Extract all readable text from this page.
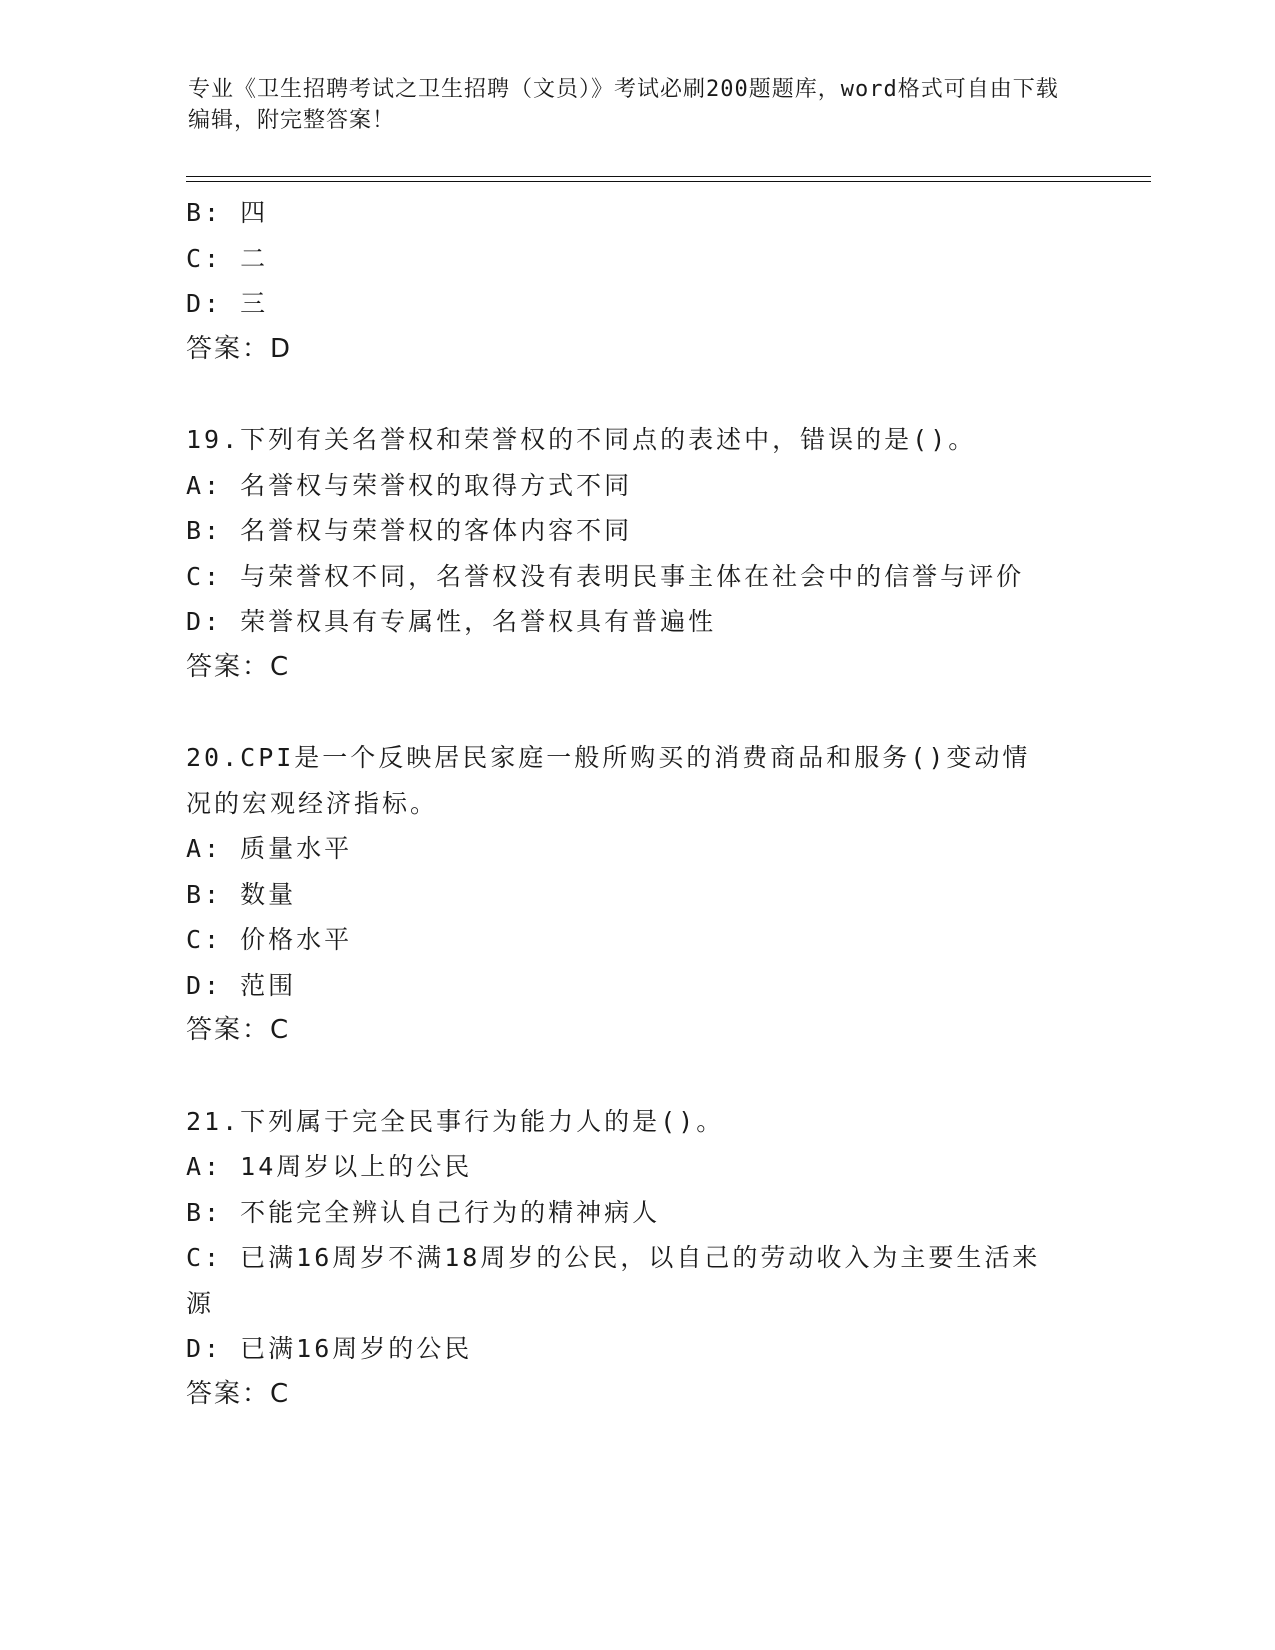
专业《卫生招聘考试之卫生招聘（文员）》考试必刷200题题库，word格式可自由下载编辑，附完整答案！
B: 四
C: 二
D: 三
答案：D
19.下列有关名誉权和荣誉权的不同点的表述中，错误的是()。
A: 名誉权与荣誉权的取得方式不同
B: 名誉权与荣誉权的客体内容不同
C: 与荣誉权不同，名誉权没有表明民事主体在社会中的信誉与评价
D: 荣誉权具有专属性，名誉权具有普遍性
答案：C
20.CPI是一个反映居民家庭一般所购买的消费商品和服务()变动情况的宏观经济指标。
A: 质量水平
B: 数量
C: 价格水平
D: 范围
答案：C
21.下列属于完全民事行为能力人的是()。
A: 14周岁以上的公民
B: 不能完全辨认自己行为的精神病人
C: 已满16周岁不满18周岁的公民，以自己的劳动收入为主要生活来源
D: 已满16周岁的公民
答案：C
